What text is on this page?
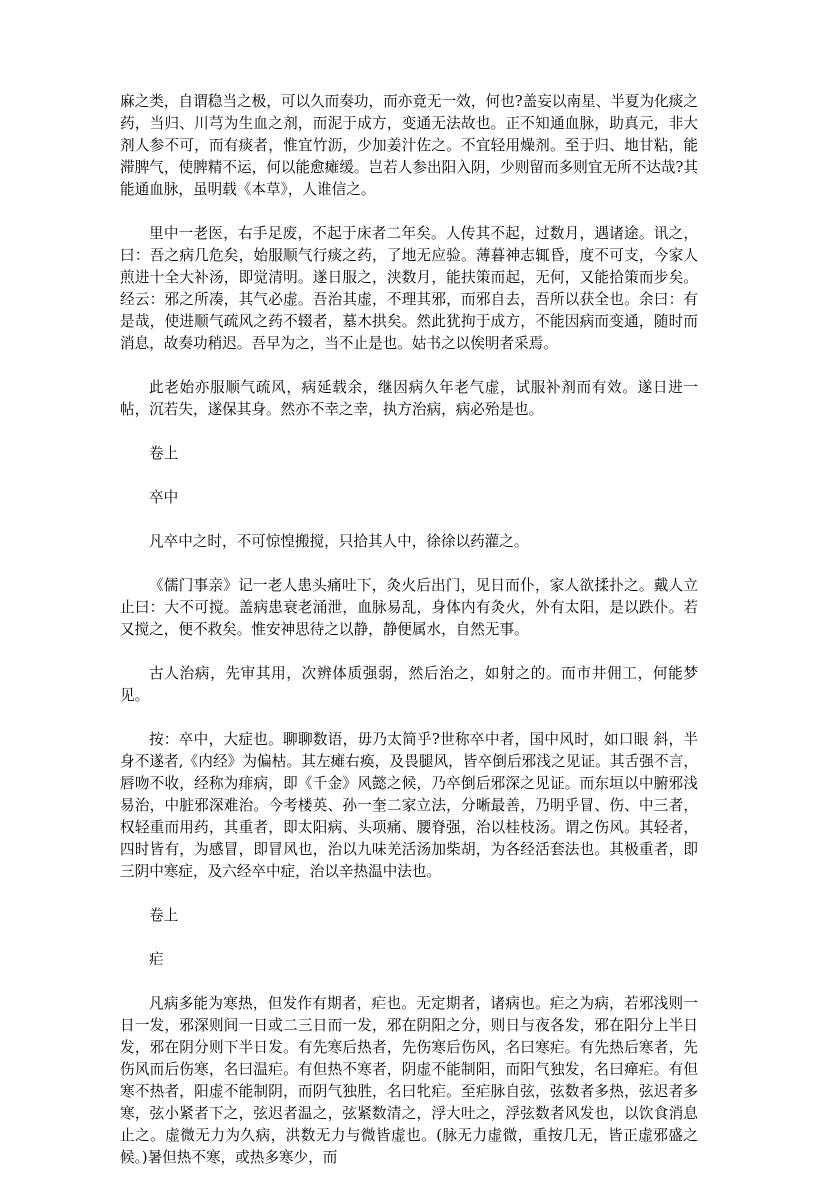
麻之类，自谓稳当之极，可以久而奏功，而亦竟无一效，何也?盖妄以南星、半夏为化痰之药，当归、川芎为生血之剂，而泥于成方，变通无法故也。正不知通血脉，助真元，非大剂人参不可，而有痰者，惟宜竹沥，少加姜汁佐之。不宜轻用燥剂。至于归、地甘粘，能滞脾气，使脾精不运，何以能愈瘫缓。岂若人参出阳入阴，少则留而多则宜无所不达哉?其能通血脉，虽明载《本草》，人谁信之。

里中一老医，右手足废，不起于床者二年矣。人传其不起，过数月，遇诸途。讯之，曰：吾之病几危矣，始服顺气行痰之药，了地无应验。薄暮神志辄昏，度不可支，今家人煎进十全大补汤，即觉清明。遂日服之，浃数月，能扶策而起，无何，又能拾策而步矣。经云：邪之所凑，其气必虚。吾治其虚，不理其邪，而邪自去，吾所以获全也。余曰：有是哉，使进顺气疏风之药不辍者，墓木拱矣。然此犹拘于成方，不能因病而变通，随时而消息，故奏功稍迟。吾早为之，当不止是也。姑书之以俟明者采焉。

此老始亦服顺气疏风，病延载余，继因病久年老气虚，试服补剂而有效。遂日进一帖，沉若失，遂保其身。然亦不幸之幸，执方治病，病必殆是也。

卷上

卒中

凡卒中之时，不可惊惶搬搅，只拾其人中，徐徐以药灌之。

《儒门事亲》记一老人患头痛吐下，灸火后出门，见日而仆，家人欲揉扑之。戴人立止曰：大不可搅。盖病患衰老涌泄，血脉易乱，身体内有灸火，外有太阳，是以跌仆。若又搅之，便不救矣。惟安神思待之以静，静便属水，自然无事。

古人治病，先审其用，次辨体质强弱，然后治之，如射之的。而市井佣工，何能梦见。

按：卒中，大症也。聊聊数语，毋乃太简乎?世称卒中者，国中风时，如口眼 斜，半身不遂者,《内经》为偏枯。其左瘫右痪，及畏腿风，皆卒倒后邪浅之见证。其舌强不言，唇吻不收，经称为痱病，即《千金》风懿之候，乃卒倒后邪深之见证。而东垣以中腑邪浅易治，中脏邪深难治。今考楼英、孙一奎二家立法，分晰最善，乃明乎冒、伤、中三者，权轻重而用药，其重者，即太阳病、头项痛、腰脊强，治以桂枝汤。谓之伤风。其轻者，四时皆有，为感冒，即冒风也，治以九味羌活汤加柴胡，为各经活套法也。其极重者，即三阴中寒症，及六经卒中症，治以辛热温中法也。

卷上

疟

凡病多能为寒热，但发作有期者，疟也。无定期者，诸病也。疟之为病，若邪浅则一日一发，邪深则间一日或二三日而一发，邪在阴阳之分，则日与夜各发，邪在阳分上半日发，邪在阴分则下半日发。有先寒后热者，先伤寒后伤风，名曰寒疟。有先热后寒者，先伤风而后伤寒，名曰温疟。有但热不寒者，阴虚不能制阳，而阳气独发，名曰瘅疟。有但寒不热者，阳虚不能制阴，而阴气独胜，名曰牝疟。至疟脉自弦，弦数者多热，弦迟者多寒，弦小紧者下之，弦迟者温之，弦紧数清之，浮大吐之，浮弦数者风发也，以饮食消息止之。虚微无力为久病，洪数无力与微皆虚也。(脉无力虚微，重按几无，皆正虚邪盛之候。)暑但热不寒，或热多寒少，而
